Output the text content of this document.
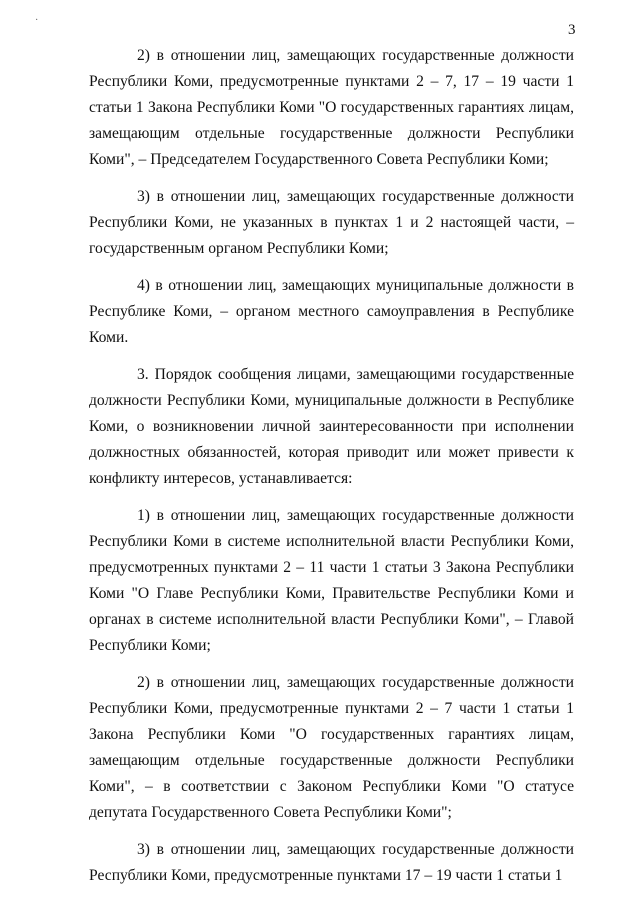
·
3

2) в отношении лиц, замещающих государственные должности Республики Коми, предусмотренные пунктами 2 – 7, 17 – 19 части 1 статьи 1 Закона Республики Коми "О государственных гарантиях лицам, замещающим отдельные государственные должности Республики Коми", – Председателем Государственного Совета Республики Коми;

3) в отношении лиц, замещающих государственные должности Республики Коми, не указанных в пунктах 1 и 2 настоящей части, – государственным органом Республики Коми;

4) в отношении лиц, замещающих муниципальные должности в Республике Коми, – органом местного самоуправления в Республике Коми.

3. Порядок сообщения лицами, замещающими государственные должности Республики Коми, муниципальные должности в Республике Коми, о возникновении личной заинтересованности при исполнении должностных обязанностей, которая приводит или может привести к конфликту интересов, устанавливается:

1) в отношении лиц, замещающих государственные должности Республики Коми в системе исполнительной власти Республики Коми, предусмотренных пунктами 2 – 11 части 1 статьи 3 Закона Республики Коми "О Главе Республики Коми, Правительстве Республики Коми и органах в системе исполнительной власти Республики Коми", – Главой Республики Коми;

2) в отношении лиц, замещающих государственные должности Республики Коми, предусмотренные пунктами 2 – 7 части 1 статьи 1 Закона Республики Коми "О государственных гарантиях лицам, замещающим отдельные государственные должности Республики Коми", – в соответствии с Законом Республики Коми "О статусе депутата Государственного Совета Республики Коми";

3) в отношении лиц, замещающих государственные должности Республики Коми, предусмотренные пунктами 17 – 19 части 1 статьи 1
